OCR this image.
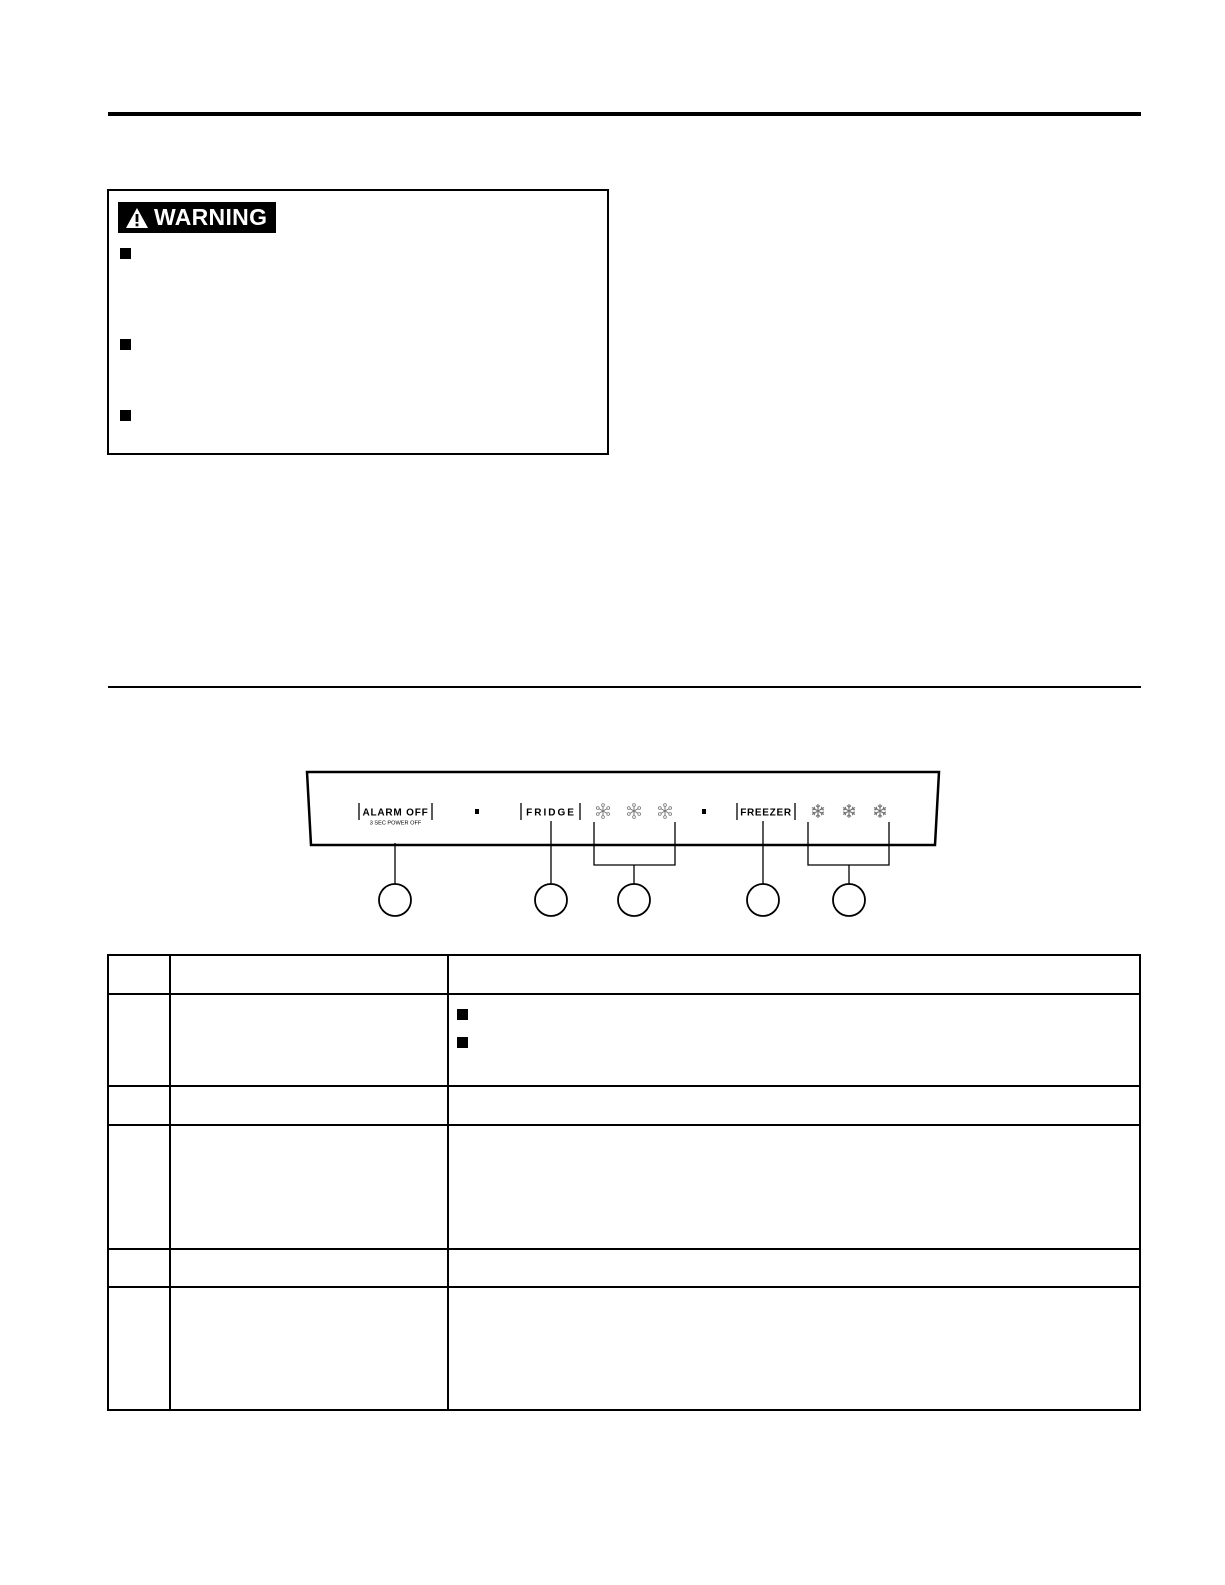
WARNING
ALARM OFF
3 SEC POWER OFF
FRIDGE	FREEZER
